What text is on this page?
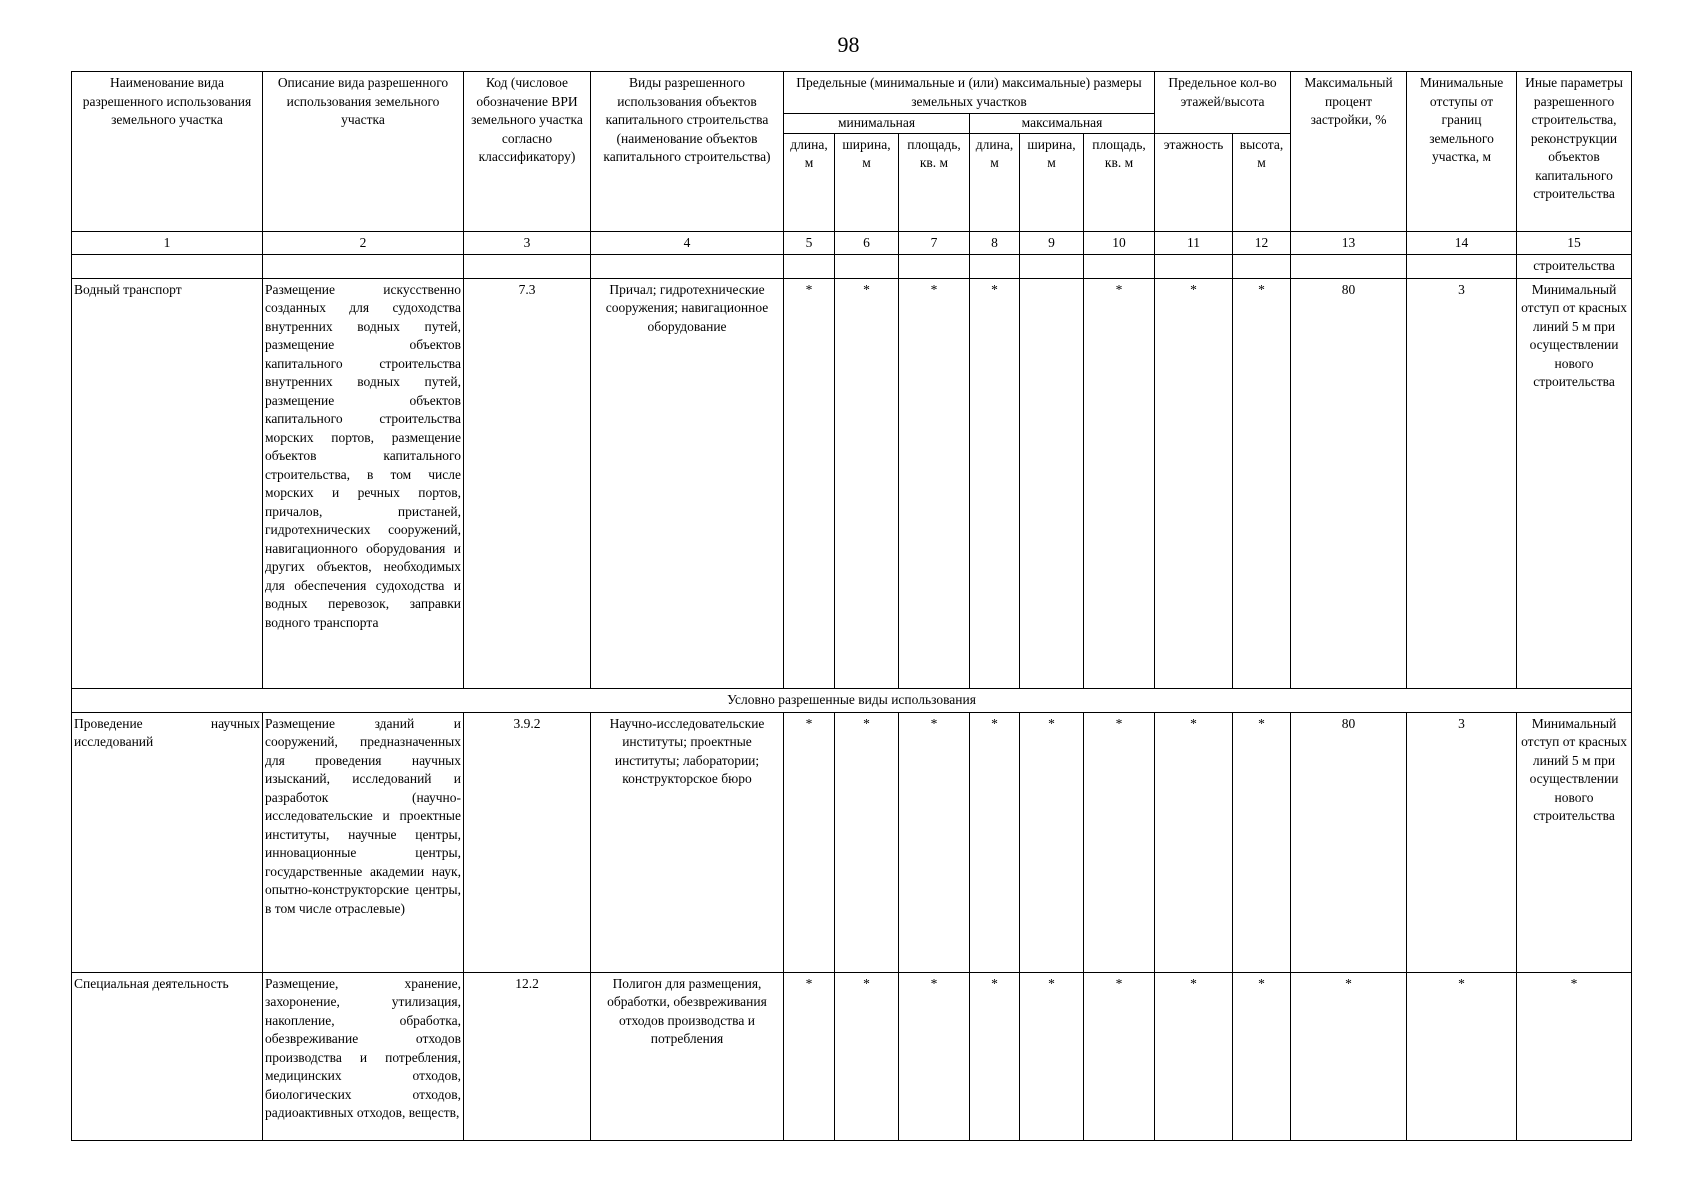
98
Наименование вида разрешенного использования земельного участка	Описание вида разрешенного использования земельного участка	Код (числовое обозначение ВРИ земельного участка согласно классификатору)	Виды разрешенного использования объектов капитального строительства (наименование объектов капитального строительства)	Предельные (минимальные и (или) максимальные) размеры земельных участков						Предельное кол-во этажей/высота		Максимальный процент застройки, %	Минимальные отступы от границ земельного участка, м	Иные параметры разрешенного строительства, реконструкции объектов капитального строительства
				минимальная			максимальная							
				длина, м	ширина, м	площадь, кв. м	длина, м	ширина, м	площадь, кв. м	этажность	высота, м			
1	2	3	4	5	6	7	8	9	10	11	12	13	14	15
														строительства
Водный транспорт	Размещение искусственно созданных для судоходства внутренних водных путей, размещение объектов капитального строительства внутренних водных путей, размещение объектов капитального строительства морских портов, размещение объектов капитального строительства, в том числе морских и речных портов, причалов, пристаней, гидротехнических сооружений, навигационного оборудования и других объектов, необходимых для обеспечения судоходства и водных перевозок, заправки водного транспорта	7.3	Причал; гидротехнические сооружения; навигационное оборудование	*	*	*	*		*	*	*	80	3	Минимальный отступ от красных линий 5 м при осуществлении нового строительства
Условно разрешенные виды использования														
Проведение научных исследований	Размещение зданий и сооружений, предназначенных для проведения научных изысканий, исследований и разработок (научно-исследовательские и проектные институты, научные центры, инновационные центры, государственные академии наук, опытно-конструкторские центры, в том числе отраслевые)	3.9.2	Научно-исследовательские институты; проектные институты; лаборатории; конструкторское бюро	*	*	*	*	*	*	*	*	80	3	Минимальный отступ от красных линий 5 м при осуществлении нового строительства
Специальная деятельность	Размещение, хранение, захоронение, утилизация, накопление, обработка, обезвреживание отходов производства и потребления, медицинских отходов, биологических отходов, радиоактивных отходов, веществ,	12.2	Полигон для размещения, обработки, обезвреживания отходов производства и потребления	*	*	*	*	*	*	*	*	*	*	*
